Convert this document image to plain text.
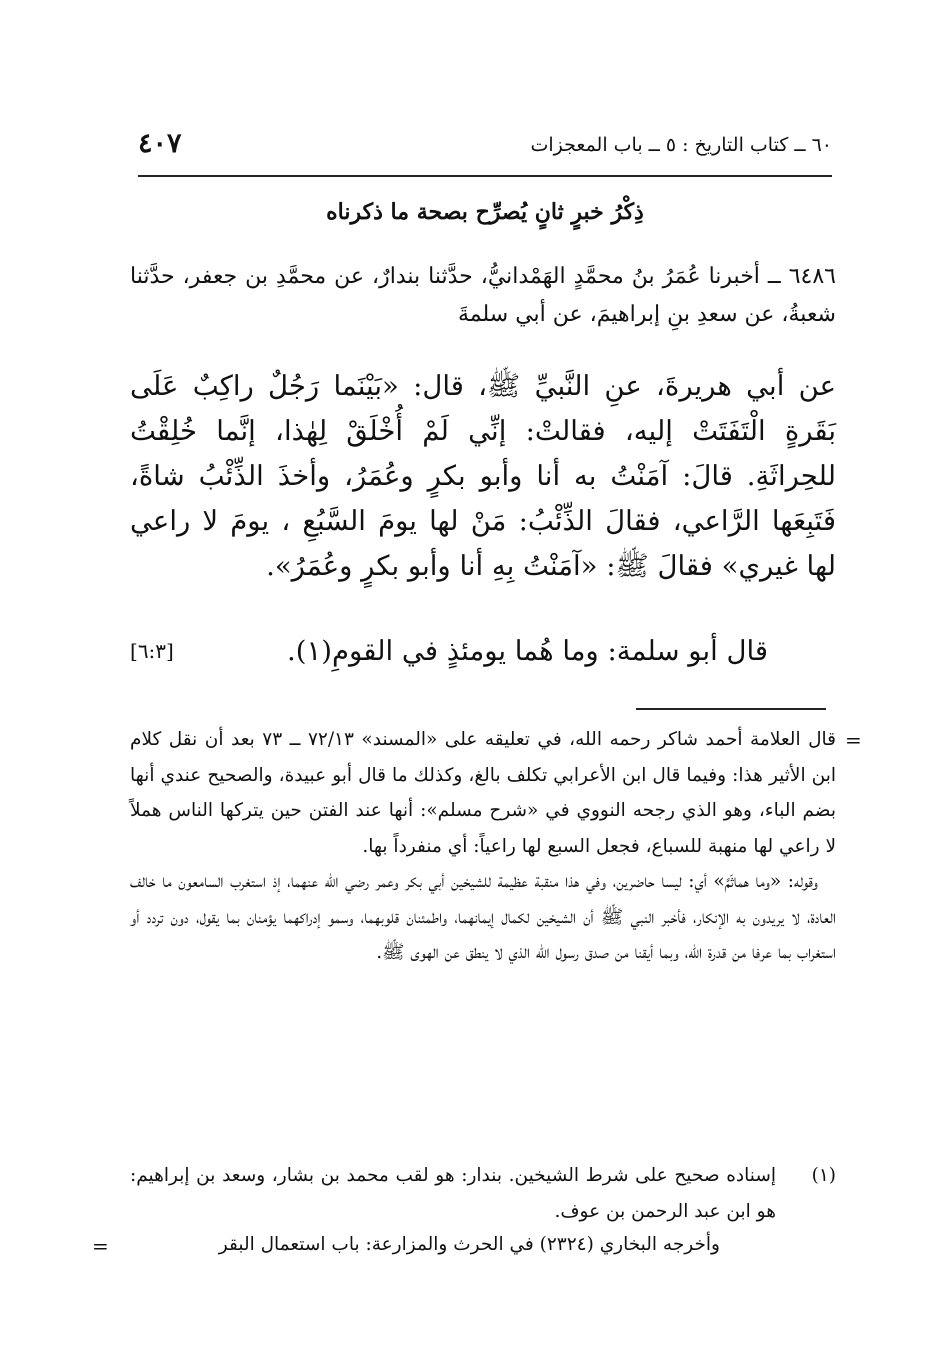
٦٠ ــ كتاب التاريخ : ٥ ــ باب المعجزات
٤٠٧
ذِكْرُ خبرٍ ثانٍ يُصرِّح بصحة ما ذكرناه
٦٤٨٦ ــ أخبرنا عُمَرُ بنُ محمَّدٍ الهَمْدانيُّ، حدَّثنا بندارٌ، عن محمَّدِ بن جعفر، حدَّثنا شعبةُ، عن سعدِ بنِ إبراهيمَ، عن أبي سلمةَ
عن أبي هريرةَ، عنِ النَّبيِّ ﷺ، قال: «بَيْنَما رَجُلٌ راكِبٌ عَلَى بَقَرةٍ الْتَفَتَتْ إليه، فقالتْ: إنِّي لَمْ أُخْلَقْ لِهٰذا، إنَّما خُلِقْتُ للحِراثَةِ. قالَ: آمَنْتُ به أنا وأبو بكرٍ وعُمَرُ، وأخذَ الذِّئْبُ شاةً، فَتَبِعَها الرَّاعي، فقالَ الذِّئْبُ: مَنْ لها يومَ السَّبُعِ ، يومَ لا راعي لها غيري» فقالَ ﷺ: «آمَنْتُ بِهِ أنا وأبو بكرٍ وعُمَرُ».
قال أبو سلمة: وما هُما يومئذٍ في القومِ(١).
[٦:٣]
=
قال العلامة أحمد شاكر رحمه الله، في تعليقه على «المسند» ٧٢/١٣ ــ ٧٣ بعد أن نقل كلام ابن الأثير هذا: وفيما قال ابن الأعرابي تكلف بالغ، وكذلك ما قال أبو عبيدة، والصحيح عندي أنها بضم الباء، وهو الذي رجحه النووي في «شرح مسلم»: أنها عند الفتن حين يتركها الناس هملاً لا راعي لها منهبة للسباع، فجعل السبع لها راعياً: أي منفرداً بها.
وقوله: «وما هماثَمَّ» أي: ليسا حاضرين، وفي هذا منقبة عظيمة للشيخين أبي بكر وعمر رضي الله عنهما، إذ استغرب السامعون ما خالف العادة، لا يريدون به الإنكار، فأخبر النبي ﷺ أن الشيخين لكمال إيمانهما، واطمئنان قلوبهما، وسمو إدراكهما يؤمنان بما يقول، دون تردد أو استغراب بما عرفا من قدرة الله، وبما أيقنا من صدق رسول الله الذي لا ينطق عن الهوى ﷺ.
(١)
إسناده صحيح على شرط الشيخين. بندار: هو لقب محمد بن بشار، وسعد بن إبراهيم: هو ابن عبد الرحمن بن عوف.
وأخرجه البخاري (٢٣٢٤) في الحرث والمزارعة: باب استعمال البقر
=
